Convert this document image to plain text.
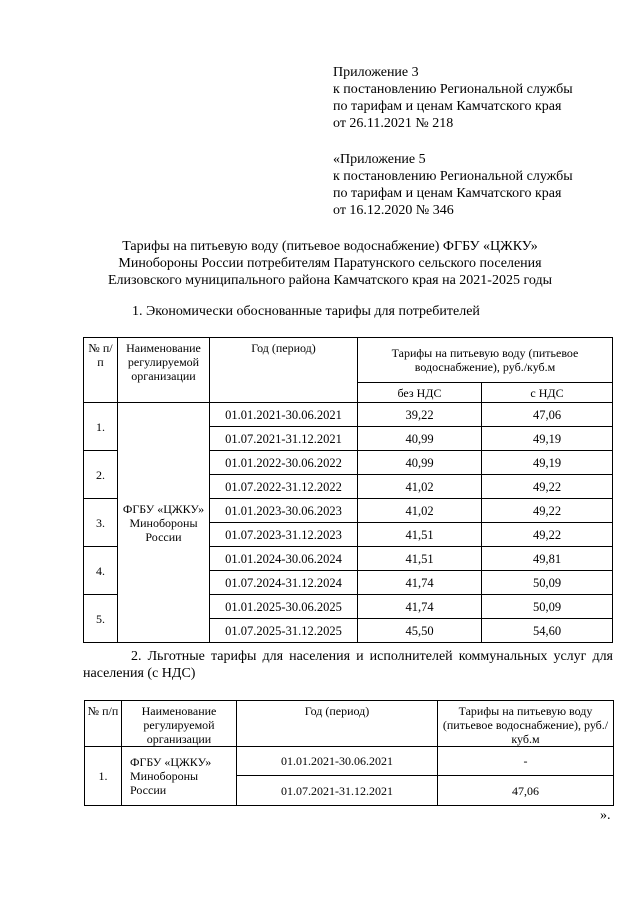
Приложение 3
к постановлению Региональной службы
по тарифам и ценам Камчатского края
от 26.11.2021 № 218
«Приложение 5
к постановлению Региональной службы
по тарифам и ценам Камчатского края
от 16.12.2020 № 346
Тарифы на питьевую воду (питьевое водоснабжение) ФГБУ «ЦЖКУ»
Минобороны России потребителям Паратунского сельского поселения
Елизовского муниципального района Камчатского края на 2021-2025 годы
1. Экономически обоснованные тарифы для потребителей
№ п/п	Наименование регулируемой организации	Год (период)	Тарифы на питьевую воду (питьевое водоснабжение), руб./куб.м	
			без НДС	с НДС
1.	ФГБУ «ЦЖКУ» Минобороны России	01.01.2021-30.06.2021	39,22	47,06
		01.07.2021-31.12.2021	40,99	49,19
2.		01.01.2022-30.06.2022	40,99	49,19
		01.07.2022-31.12.2022	41,02	49,22
3.		01.01.2023-30.06.2023	41,02	49,22
		01.07.2023-31.12.2023	41,51	49,22
4.		01.01.2024-30.06.2024	41,51	49,81
		01.07.2024-31.12.2024	41,74	50,09
5.		01.01.2025-30.06.2025	41,74	50,09
		01.07.2025-31.12.2025	45,50	54,60
2. Льготные тарифы для населения и исполнителей коммунальных услуг для населения (с НДС)
№ п/п	Наименование регулируемой организации	Год (период)	Тарифы на питьевую воду (питьевое водоснабжение), руб./куб.м
1.	ФГБУ «ЦЖКУ» Минобороны России	01.01.2021-30.06.2021	-
		01.07.2021-31.12.2021	47,06
».
